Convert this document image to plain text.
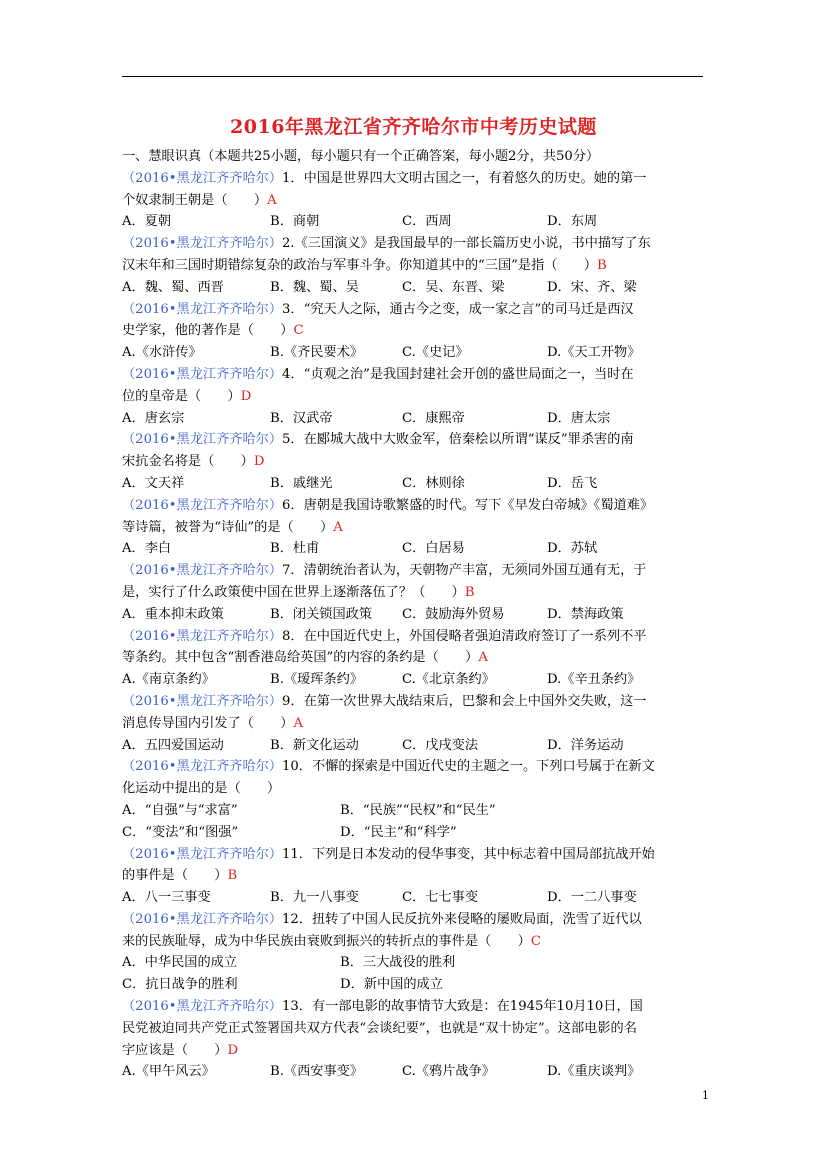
2016年黑龙江省齐齐哈尔市中考历史试题
一、慧眼识真（本题共25小题，每小题只有一个正确答案，每小题2分，共50分）
（2016•黑龙江齐齐哈尔）1．中国是世界四大文明古国之一，有着悠久的历史。她的第一
个奴隶制王朝是（　　）A
A．夏朝	B．商朝	C．西周	D．东周
（2016•黑龙江齐齐哈尔）2.《三国演义》是我国最早的一部长篇历史小说，书中描写了东
汉末年和三国时期错综复杂的政治与军事斗争。你知道其中的“三国”是指（　　）B
A．魏、蜀、西晋	B．魏、蜀、吴	C．吴、东晋、梁	D．宋、齐、梁
（2016•黑龙江齐齐哈尔）3．“究天人之际，通古今之变，成一家之言”的司马迁是西汉
史学家，他的著作是（　　）C
A.《水浒传》	B.《齐民要术》	C.《史记》	D.《天工开物》
（2016•黑龙江齐齐哈尔）4．“贞观之治”是我国封建社会开创的盛世局面之一，当时在
位的皇帝是（　　）D
A．唐玄宗	B．汉武帝	C．康熙帝	D．唐太宗
（2016•黑龙江齐齐哈尔）5．在郾城大战中大败金军，倍秦桧以所谓“谋反”罪杀害的南
宋抗金名将是（　　）D
A．文天祥	B．戚继光	C．林则徐	D．岳飞
（2016•黑龙江齐齐哈尔）6．唐朝是我国诗歌繁盛的时代。写下《早发白帝城》《蜀道难》
等诗篇，被誉为“诗仙”的是（　　）A
A．李白	B．杜甫	C．白居易	D．苏轼
（2016•黑龙江齐齐哈尔）7．清朝统治者认为，天朝物产丰富，无须同外国互通有无，于
是，实行了什么政策使中国在世界上逐渐落伍了？（　　）B
A．重本抑末政策	B．闭关锁国政策 C．鼓励海外贸易	D．禁海政策
（2016•黑龙江齐齐哈尔）8．在中国近代史上，外国侵略者强迫清政府签订了一系列不平
等条约。其中包含“割香港岛给英国”的内容的条约是（　　）A
A.《南京条约》	B.《瑷珲条约》	C.《北京条约》	D.《辛丑条约》
（2016•黑龙江齐齐哈尔）9．在第一次世界大战结束后，巴黎和会上中国外交失败，这一
消息传导国内引发了（　　）A
A．五四爱国运动	B．新文化运动	C．戊戌变法	D．洋务运动
（2016•黑龙江齐齐哈尔）10．不懈的探索是中国近代史的主题之一。下列口号属于在新文
化运动中提出的是（　　）
A．“自强”与“求富”	B．“民族”“民权”和“民生”
C．“变法”和“图强”	D．“民主”和“科学”
（2016•黑龙江齐齐哈尔）11．下列是日本发动的侵华事变，其中标志着中国局部抗战开始
的事件是（　　）B
A．八一三事变	B．九一八事变	C．七七事变	D．一二八事变
（2016•黑龙江齐齐哈尔）12．扭转了中国人民反抗外来侵略的屡败局面，洗雪了近代以
来的民族耻辱，成为中华民族由衰败到振兴的转折点的事件是（　　）C
A．中华民国的成立	B．三大战役的胜利
C．抗日战争的胜利	D．新中国的成立
（2016•黑龙江齐齐哈尔）13．有一部电影的故事情节大致是：在1945年10月10日，国
民党被迫同共产党正式签署国共双方代表“会谈纪要”，也就是“双十协定”。这部电影的名
字应该是（　　）D
A.《甲午风云》	B.《西安事变》	C.《鸦片战争》	D.《重庆谈判》
1
